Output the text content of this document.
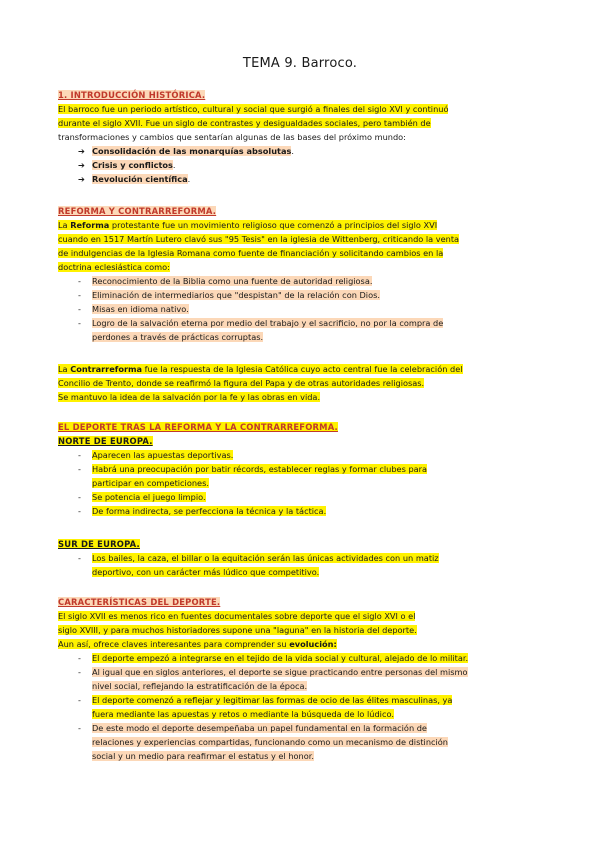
TEMA 9. Barroco.
1. INTRODUCCIÓN HISTÓRICA.
El barroco fue un periodo artístico, cultural y social que surgió a finales del siglo XVI y continuó
durante el siglo XVII. Fue un siglo de contrastes y desigualdades sociales, pero también de
transformaciones y cambios que sentarían algunas de las bases del próximo mundo:
➔ Consolidación de las monarquías absolutas.
➔ Crisis y conflictos.
➔ Revolución científica.
REFORMA Y CONTRARREFORMA.
La Reforma protestante fue un movimiento religioso que comenzó a principios del siglo XVI
cuando en 1517 Martín Lutero clavó sus "95 Tesis" en la iglesia de Wittenberg, criticando la venta
de indulgencias de la Iglesia Romana como fuente de financiación y solicitando cambios en la
doctrina eclesiástica como:
- Reconocimiento de la Biblia como una fuente de autoridad religiosa.
- Eliminación de intermediarios que "despistan" de la relación con Dios.
- Misas en idioma nativo.
- Logro de la salvación eterna por medio del trabajo y el sacrificio, no por la compra de
perdones a través de prácticas corruptas.
La Contrarreforma fue la respuesta de la Iglesia Católica cuyo acto central fue la celebración del
Concilio de Trento, donde se reafirmó la figura del Papa y de otras autoridades religiosas.
Se mantuvo la idea de la salvación por la fe y las obras en vida.
EL DEPORTE TRAS LA REFORMA Y LA CONTRARREFORMA.
NORTE DE EUROPA.
- Aparecen las apuestas deportivas.
- Habrá una preocupación por batir récords, establecer reglas y formar clubes para
participar en competiciones.
- Se potencia el juego limpio.
- De forma indirecta, se perfecciona la técnica y la táctica.
SUR DE EUROPA.
- Los bailes, la caza, el billar o la equitación serán las únicas actividades con un matiz
deportivo, con un carácter más lúdico que competitivo.
CARACTERÍSTICAS DEL DEPORTE.
El siglo XVII es menos rico en fuentes documentales sobre deporte que el siglo XVI o el
siglo XVIII, y para muchos historiadores supone una "laguna" en la historia del deporte.
Aun así, ofrece claves interesantes para comprender su evolución:
- El deporte empezó a integrarse en el tejido de la vida social y cultural, alejado de lo militar.
- Al igual que en siglos anteriores, el deporte se sigue practicando entre personas del mismo
nivel social, reflejando la estratificación de la época.
- El deporte comenzó a reflejar y legitimar las formas de ocio de las élites masculinas, ya
fuera mediante las apuestas y retos o mediante la búsqueda de lo lúdico.
- De este modo el deporte desempeñaba un papel fundamental en la formación de
relaciones y experiencias compartidas, funcionando como un mecanismo de distinción
social y un medio para reafirmar el estatus y el honor.
